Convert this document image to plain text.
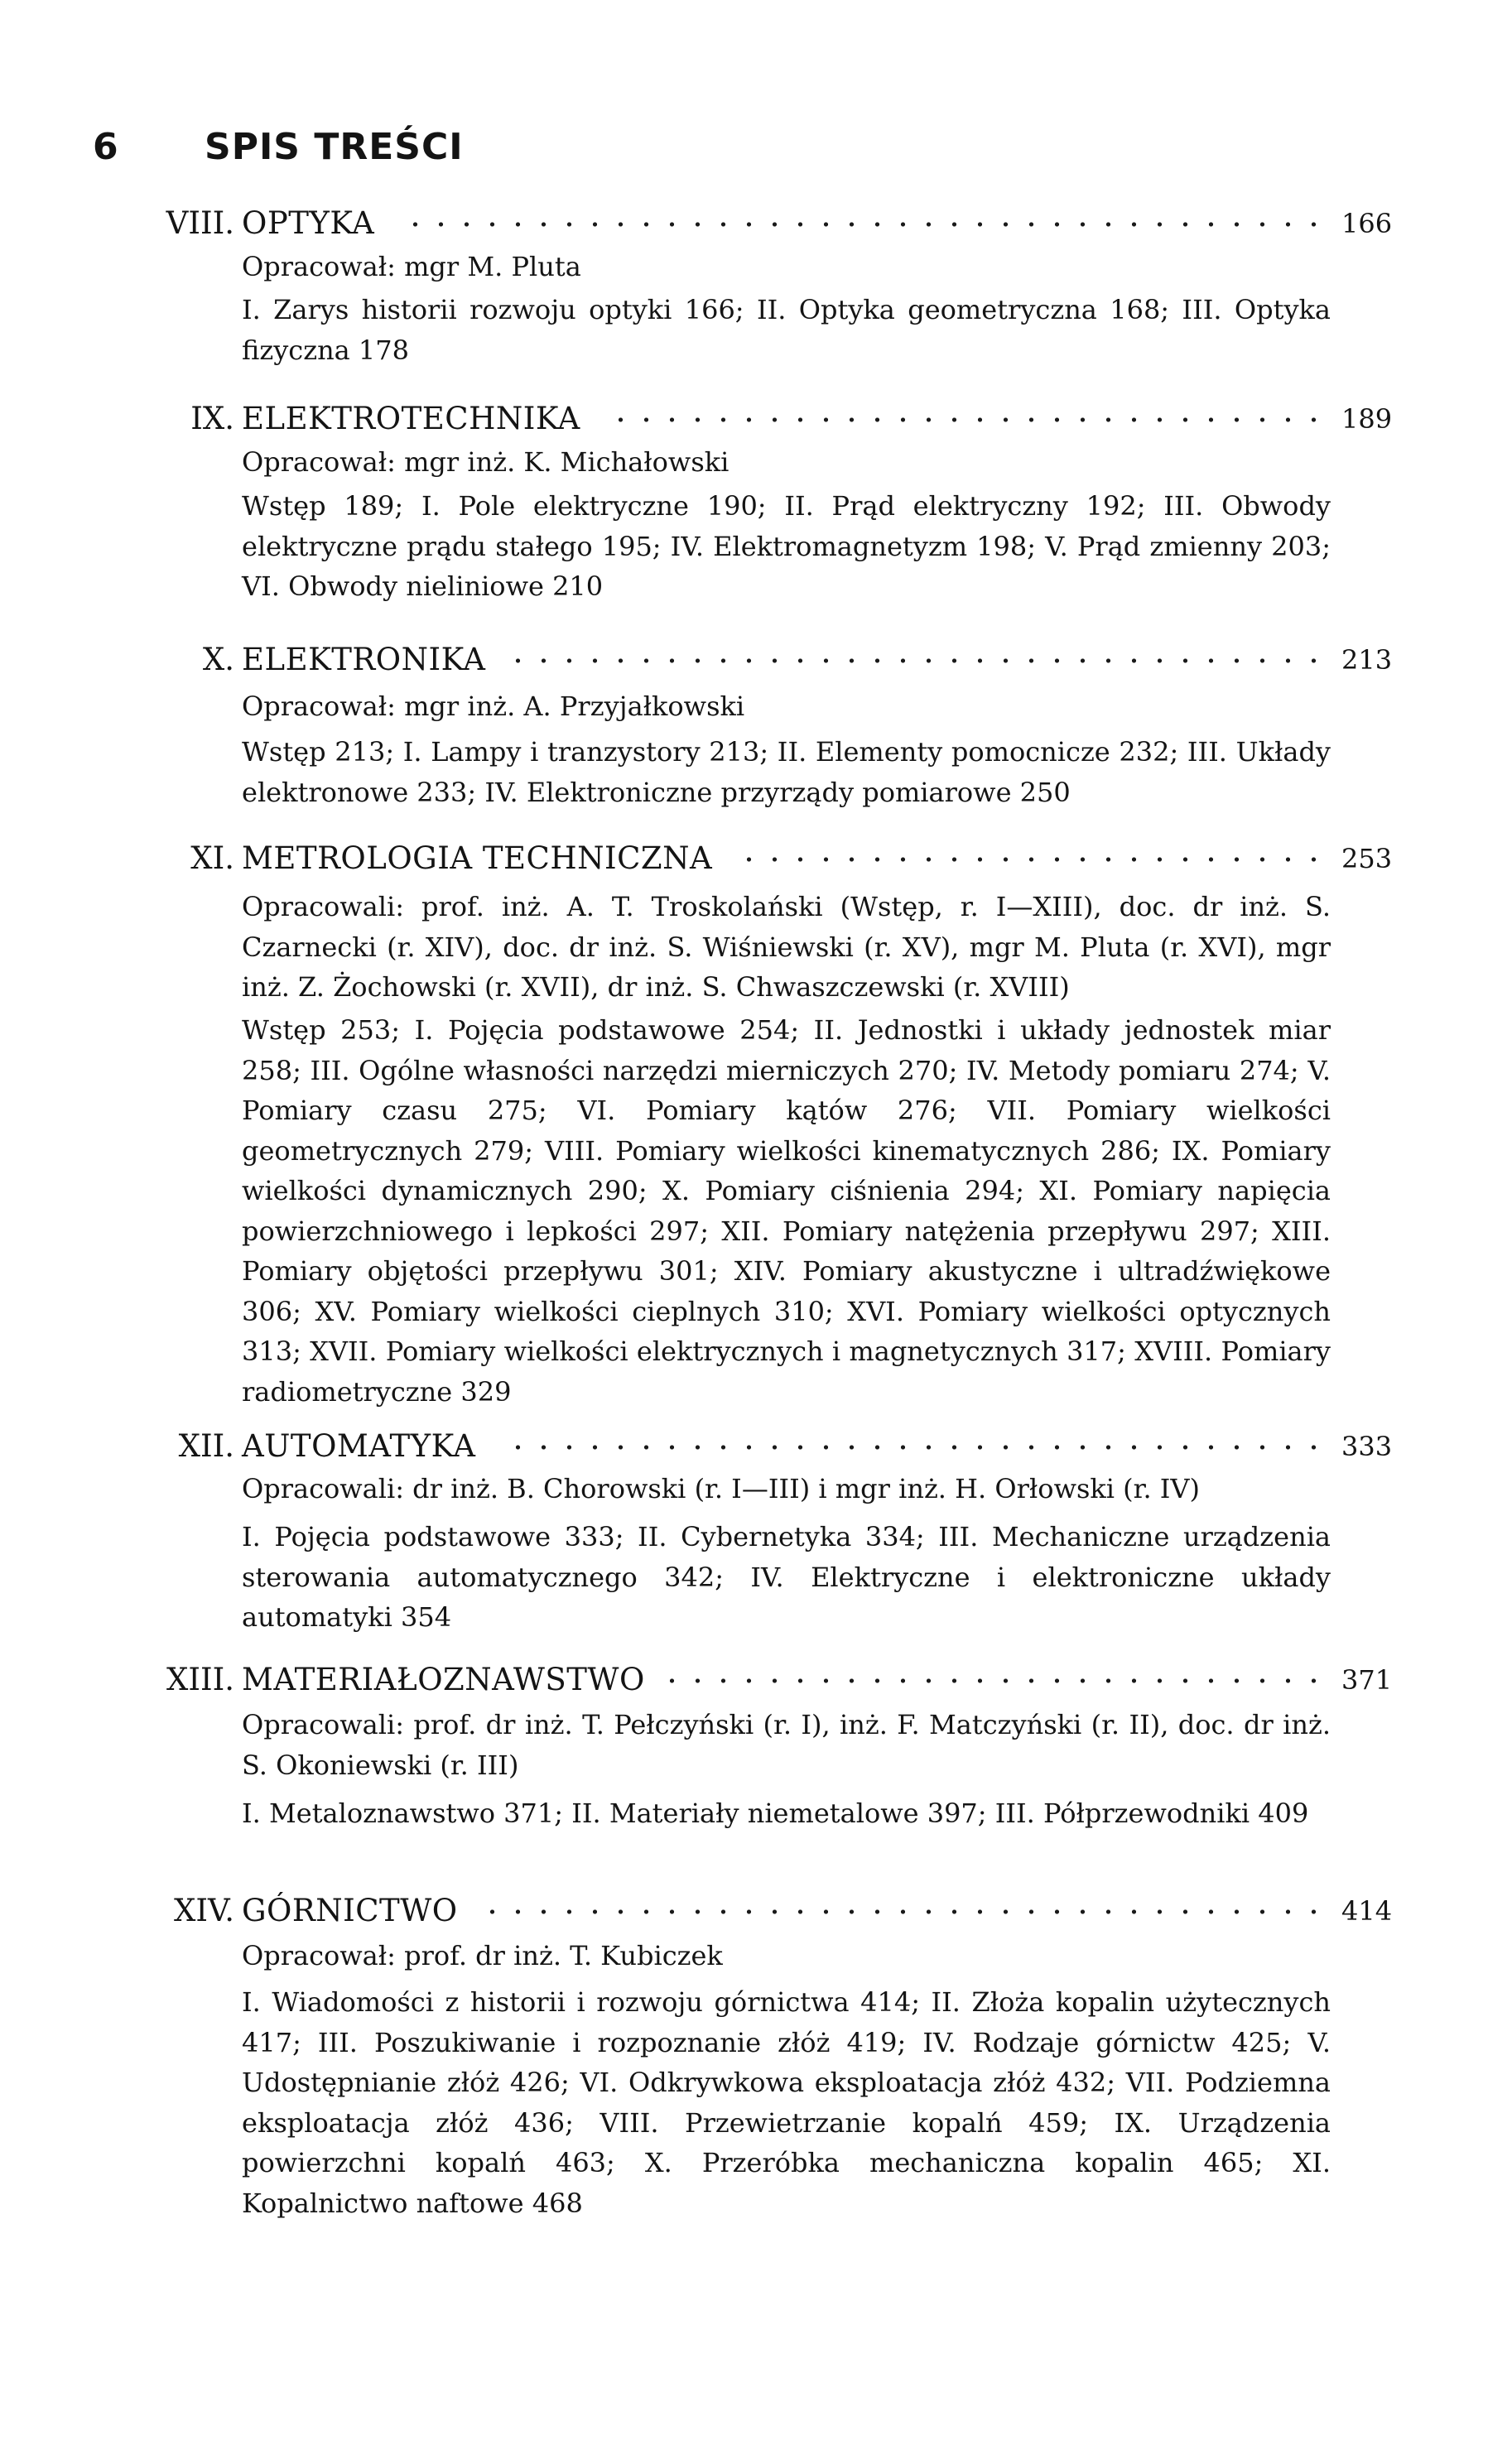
6 SPIS TREŚCI
VIII. OPTYKA	166
Opracował: mgr M. Pluta
I. Zarys historii rozwoju optyki 166; II. Optyka geometryczna 168; III. Optyka fizyczna 178
IX. ELEKTROTECHNIKA	189
Opracował: mgr inż. K. Michałowski
Wstęp 189; I. Pole elektryczne 190; II. Prąd elektryczny 192; III. Obwody elektryczne prądu stałego 195; IV. Elektromagnetyzm 198; V. Prąd zmienny 203; VI. Obwody nieliniowe 210
X. ELEKTRONIKA	213
Opracował: mgr inż. A. Przyjałkowski
Wstęp 213; I. Lampy i tranzystory 213; II. Elementy pomocnicze 232; III. Układy elektronowe 233; IV. Elektroniczne przyrządy pomiarowe 250
XI. METROLOGIA TECHNICZNA	253
Opracowali: prof. inż. A. T. Troskolański (Wstęp, r. I—XIII), doc. dr inż. S. Czarnecki (r. XIV), doc. dr inż. S. Wiśniewski (r. XV), mgr M. Pluta (r. XVI), mgr inż. Z. Żochowski (r. XVII), dr inż. S. Chwaszczewski (r. XVIII)
Wstęp 253; I. Pojęcia podstawowe 254; II. Jednostki i układy jednostek miar 258; III. Ogólne własności narzędzi mierniczych 270; IV. Metody pomiaru 274; V. Pomiary czasu 275; VI. Pomiary kątów 276; VII. Pomiary wielkości geometrycznych 279; VIII. Pomiary wielkości kinematycznych 286; IX. Pomiary wielkości dynamicznych 290; X. Pomiary ciśnienia 294; XI. Pomiary napięcia powierzchniowego i lepkości 297; XII. Pomiary natężenia przepływu 297; XIII. Pomiary objętości przepływu 301; XIV. Pomiary akustyczne i ultradźwiękowe 306; XV. Pomiary wielkości cieplnych 310; XVI. Pomiary wielkości optycznych 313; XVII. Pomiary wielkości elektrycznych i magnetycznych 317; XVIII. Pomiary radiometryczne 329
XII. AUTOMATYKA	333
Opracowali: dr inż. B. Chorowski (r. I—III) i mgr inż. H. Orłowski (r. IV)
I. Pojęcia podstawowe 333; II. Cybernetyka 334; III. Mechaniczne urządzenia sterowania automatycznego 342; IV. Elektryczne i elektroniczne układy automatyki 354
XIII. MATERIAŁOZNAWSTWO	371
Opracowali: prof. dr inż. T. Pełczyński (r. I), inż. F. Matczyński (r. II), doc. dr inż. S. Okoniewski (r. III)
I. Metaloznawstwo 371; II. Materiały niemetalowe 397; III. Półprzewodniki 409
XIV. GÓRNICTWO	414
Opracował: prof. dr inż. T. Kubiczek
I. Wiadomości z historii i rozwoju górnictwa 414; II. Złoża kopalin użytecznych 417; III. Poszukiwanie i rozpoznanie złóż 419; IV. Rodzaje górnictw 425; V. Udostępnianie złóż 426; VI. Odkrywkowa eksploatacja złóż 432; VII. Podziemna eksploatacja złóż 436; VIII. Przewietrzanie kopalń 459; IX. Urządzenia powierzchni kopalń 463; X. Przeróbka mechaniczna kopalin 465; XI. Kopalnictwo naftowe 468
